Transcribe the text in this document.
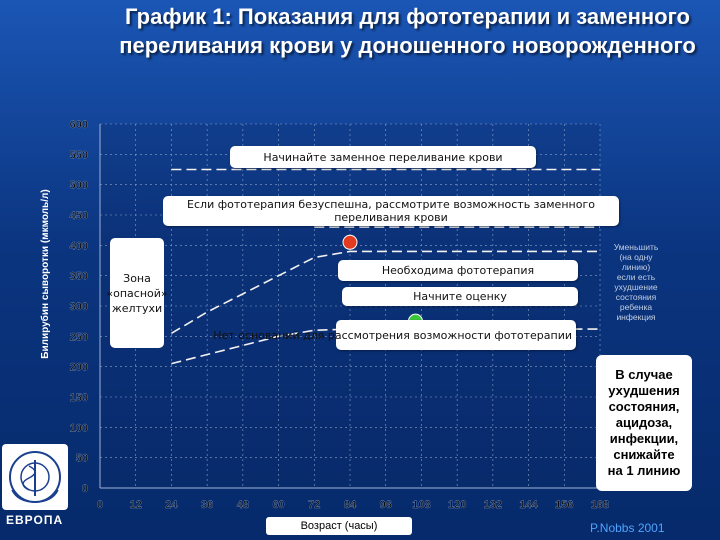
График 1: Показания для фототерапии и заменного переливания крови у доношенного новорожденного
0 12 24 36 48 60 72 84 96 108 120 132 144 156 168
0
50
100
150
200
250
300
350
400
450
500
550
600
Билирубин сыворотки (мкмоль/л)
Начинайте заменное переливание крови
Если фототерапия безуспешна, рассмотрите возможность заменного переливания крови
Необходима фототерапия
Начните оценку
Нет оснований для рассмотрения возможности фототерапии
Зона
«опасной»
желтухи
Уменьшить
(на одну
линию)
если есть
ухудшение
состояния
ребенка
инфекция
В случае
ухудшения
состояния,
ацидоза,
инфекции,
снижайте
на 1 линию
Возраст (часы)	P.Nobbs 2001
ЕВРОПА
